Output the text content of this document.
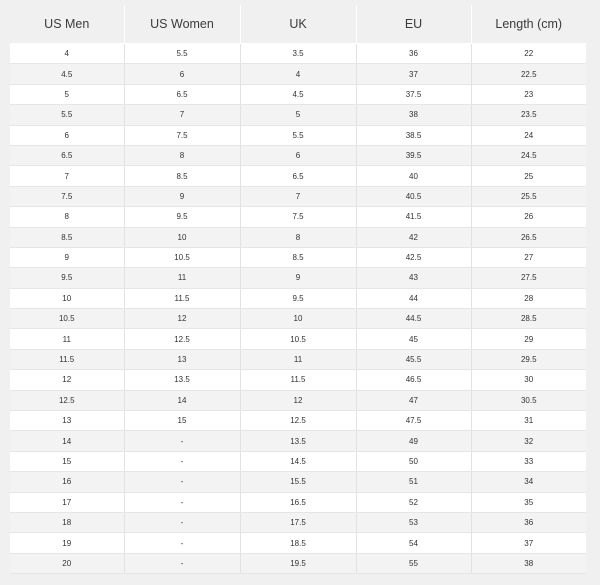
US Men	US Women	UK	EU	Length (cm)
4	5.5	3.5	36	22
4.5	6	4	37	22.5
5	6.5	4.5	37.5	23
5.5	7	5	38	23.5
6	7.5	5.5	38.5	24
6.5	8	6	39.5	24.5
7	8.5	6.5	40	25
7.5	9	7	40.5	25.5
8	9.5	7.5	41.5	26
8.5	10	8	42	26.5
9	10.5	8.5	42.5	27
9.5	11	9	43	27.5
10	11.5	9.5	44	28
10.5	12	10	44.5	28.5
11	12.5	10.5	45	29
11.5	13	11	45.5	29.5
12	13.5	11.5	46.5	30
12.5	14	12	47	30.5
13	15	12.5	47.5	31
14	-	13.5	49	32
15	-	14.5	50	33
16	-	15.5	51	34
17	-	16.5	52	35
18	-	17.5	53	36
19	-	18.5	54	37
20	-	19.5	55	38
